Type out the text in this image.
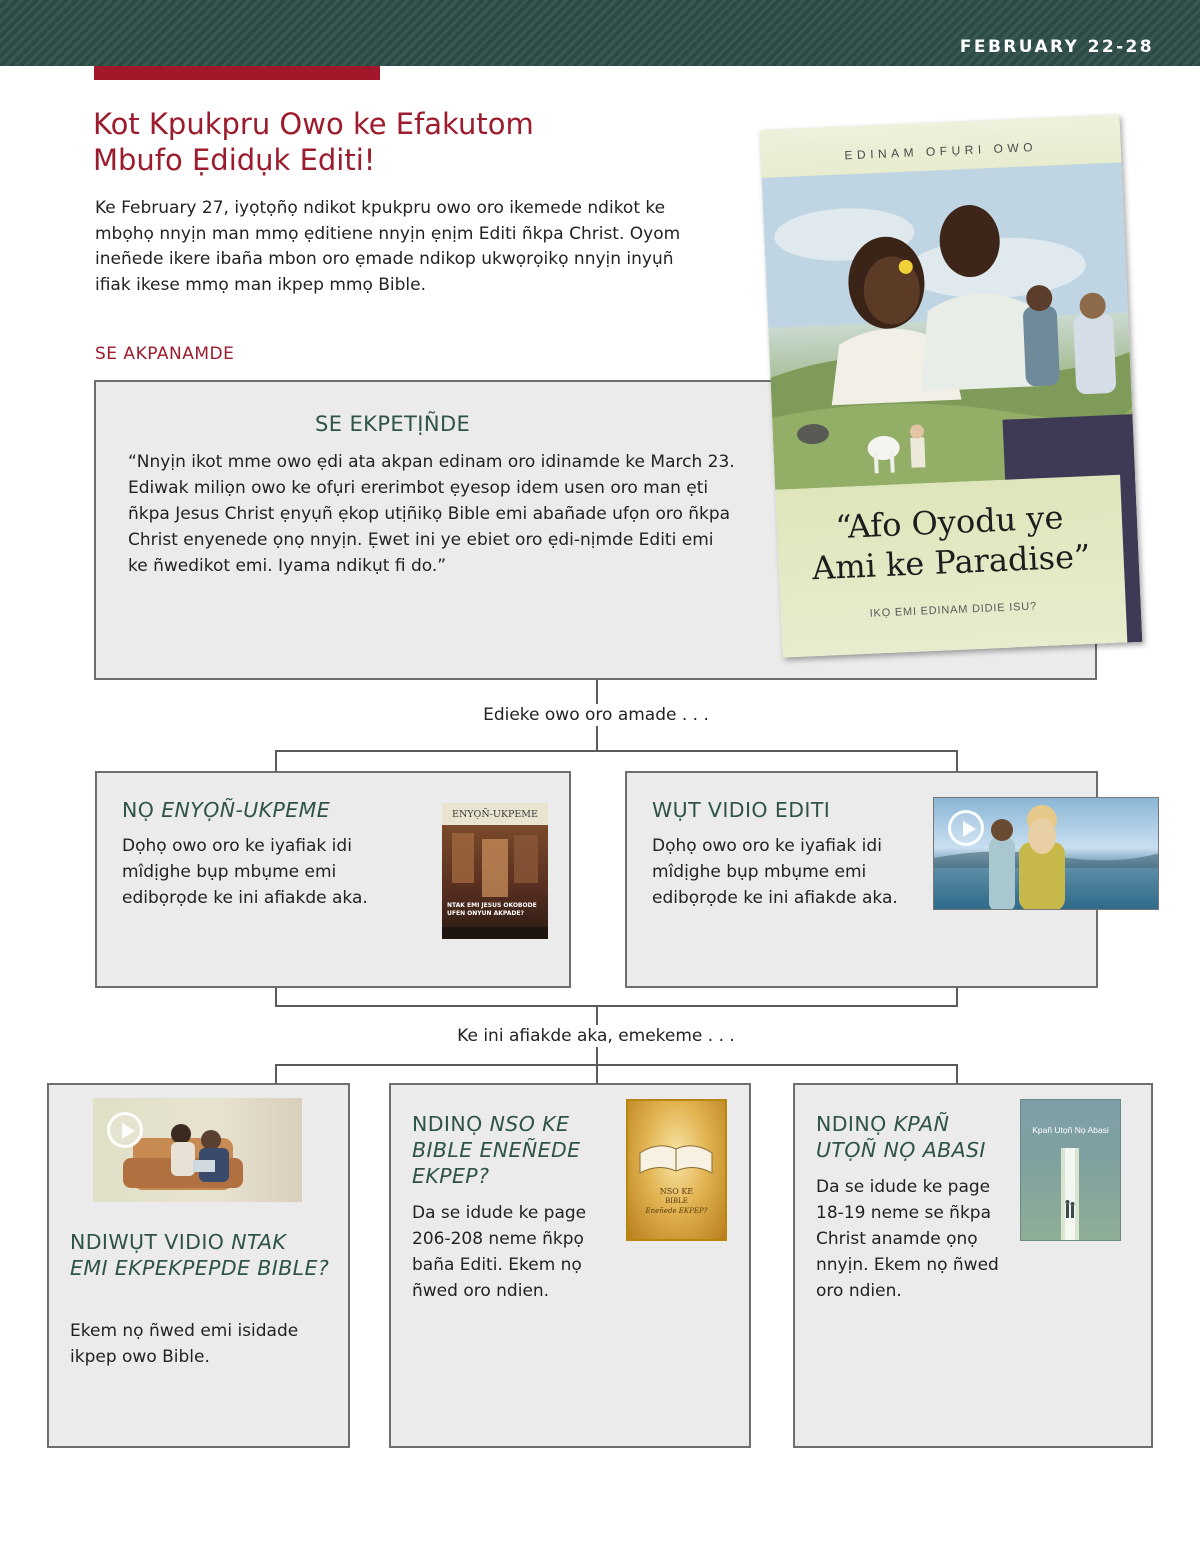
FEBRUARY 22-28
Kot Kpukpru Owo ke Efakutom
Mbufo Ẹdidụk Editi!

Ke February 27, iyọtọñọ ndikot kpukpru owo oro ikemede ndikot ke mbọhọ nnyịn man mmọ ẹditiene nnyịn ẹnịm Editi ñkpa Christ. Oyom ineñede ikere ibaña mbon oro ẹmade ndikop ukwọrọikọ nnyịn inyụñ ifiak ikese mmọ man ikpep mmọ Bible.

SE AKPANAMDE
SE EKPETỊÑDE

“Nnyịn ikot mme owo ẹdi ata akpan edinam oro idinamde ke March 23. Ediwak miliọn owo ke ofụri ererimbot ẹyesop idem usen oro man ẹti ñkpa Jesus Christ ẹnyụñ ẹkop utịñikọ Bible emi abañade ufọn oro ñkpa Christ enyenede ọnọ nnyịn. Ẹwet ini ye ebiet oro ẹdi-nịmde Editi emi ke ñwedikot emi. Iyama ndikụt fi do.”

EDINAM OFỤRI OWO
“Afo Oyodu ye
Ami ke Paradise”
IKỌ EMI EDINAM DIDIE ISU?
Edieke owo oro amade . . .
NỌ ENYỌÑ-UKPEME

Dọhọ owo oro ke iyafiak idi mîdịghe bụp mbụme emi edibọrọde ke ini afiakde aka.

ENYỌÑ-UKPEME
NTAK EMI JESUS OKOBODE UFEN ONYUN AKPADE?
WỤT VIDIO EDITI

Dọhọ owo oro ke iyafiak idi mîdịghe bụp mbụme emi edibọrọde ke ini afiakde aka.

Ke ini afiakde aka, emekeme . . .
NDIWỤT VIDIO NTAK EMI EKPEKPEPDE BIBLE?

Ekem nọ ñwed emi isidade ikpep owo Bible.

NDINỌ NSO KE BIBLE ENEÑEDE EKPEP?

Da se idude ke page 206-208 neme ñkpọ baña Editi. Ekem nọ ñwed oro ndien.

NSO KE
BIBLE
Eneñede EKPEP?
NDINỌ KPAÑ UTỌÑ NỌ ABASI

Da se idude ke page 18-19 neme se ñkpa Christ anamde ọnọ nnyịn. Ekem nọ ñwed oro ndien.

Kpañ Utọñ Nọ Abasi
